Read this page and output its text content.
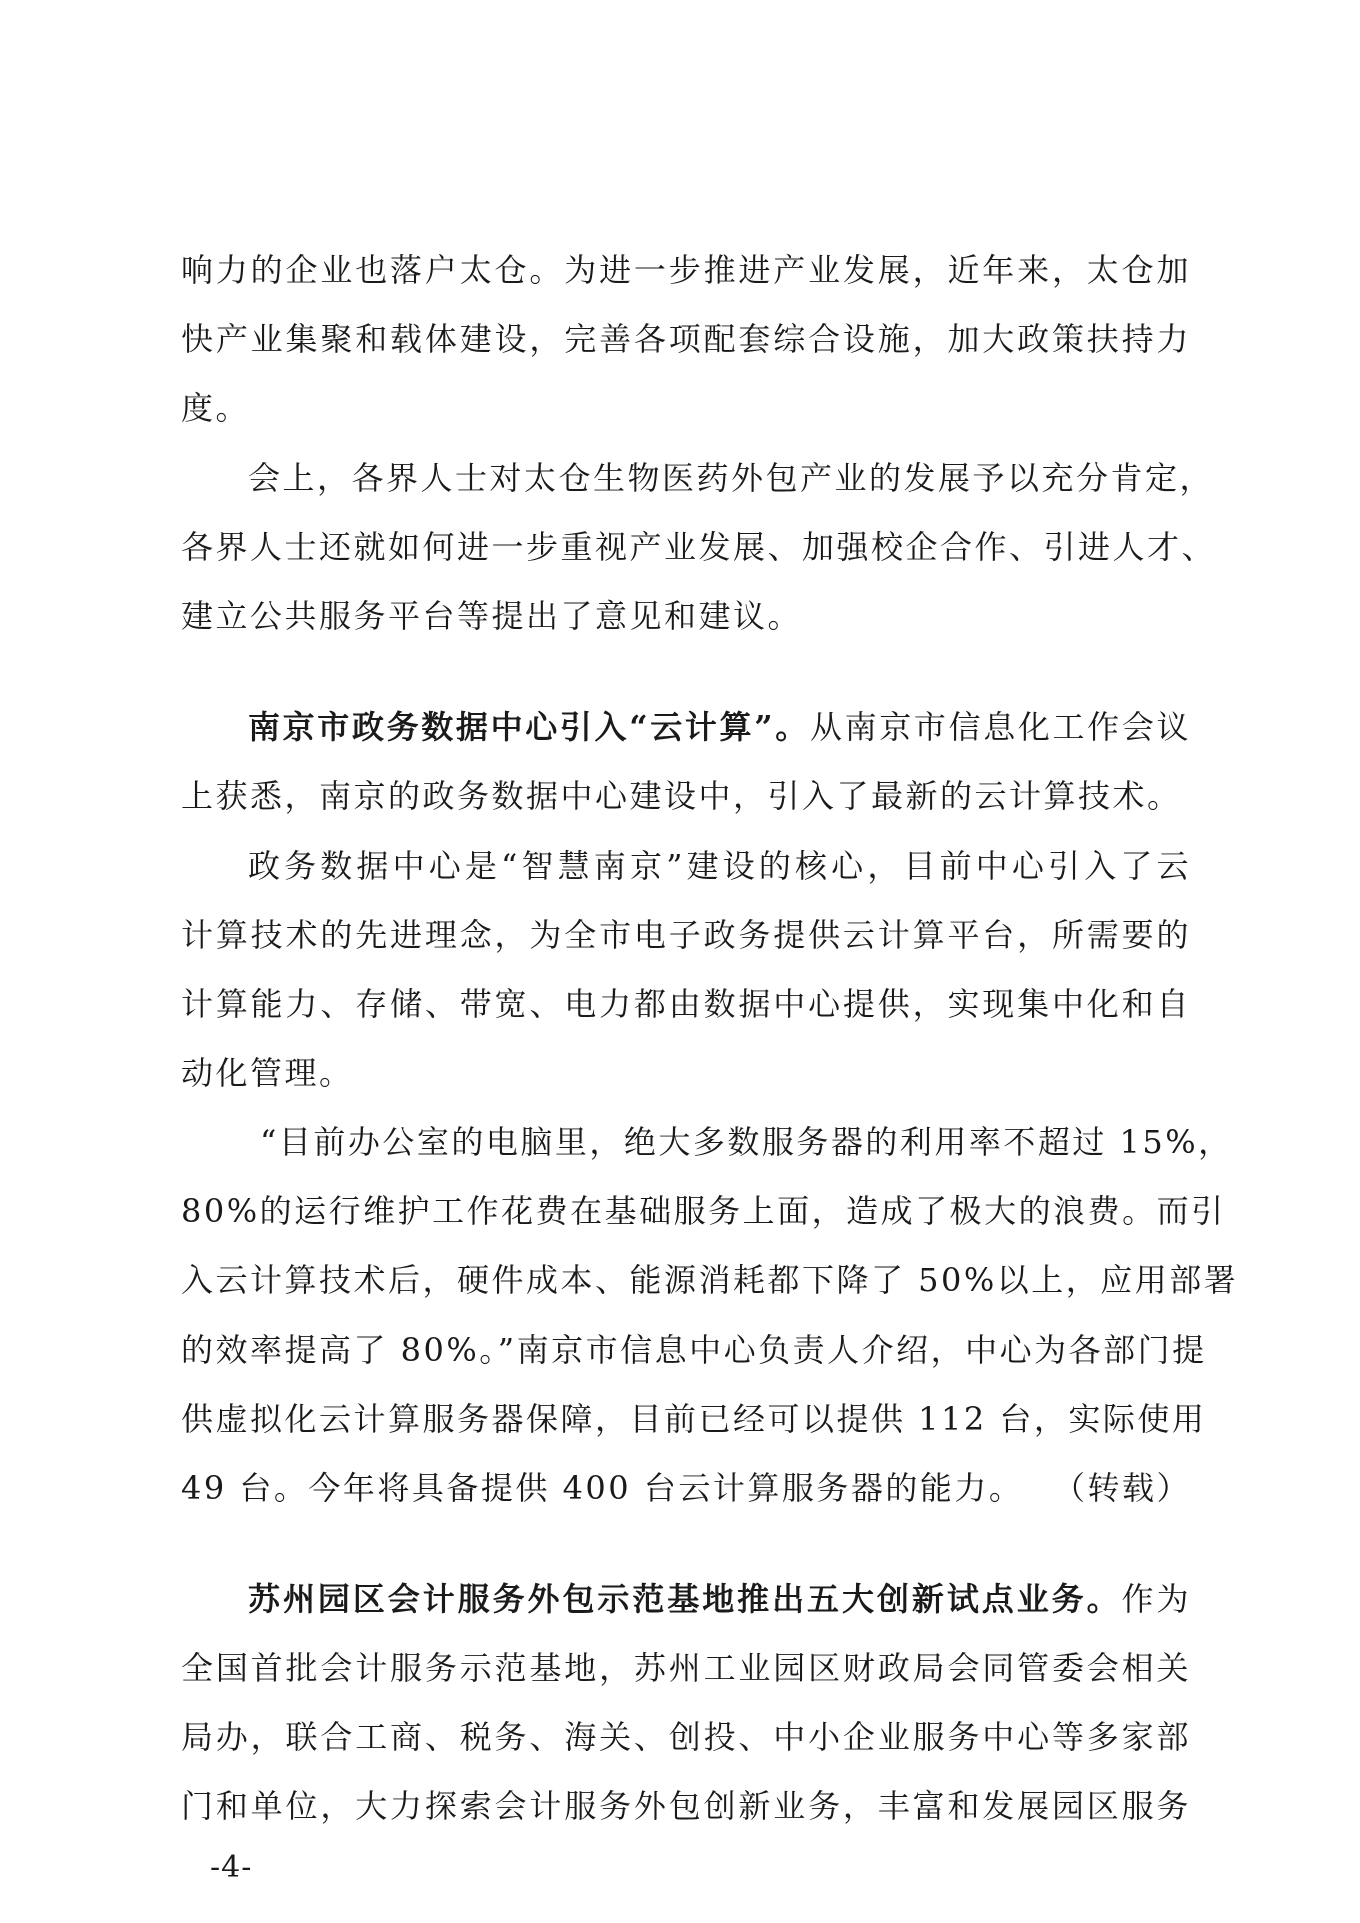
响力的企业也落户太仓。为进一步推进产业发展，近年来，太仓加
快产业集聚和载体建设，完善各项配套综合设施，加大政策扶持力
度。
会上，各界人士对太仓生物医药外包产业的发展予以充分肯定，
各界人士还就如何进一步重视产业发展、加强校企合作、引进人才、
建立公共服务平台等提出了意见和建议。
南京市政务数据中心引入“云计算”。从南京市信息化工作会议
上获悉，南京的政务数据中心建设中，引入了最新的云计算技术。
政务数据中心是“智慧南京”建设的核心，目前中心引入了云
计算技术的先进理念，为全市电子政务提供云计算平台，所需要的
计算能力、存储、带宽、电力都由数据中心提供，实现集中化和自
动化管理。
“目前办公室的电脑里，绝大多数服务器的利用率不超过 15%，
80%的运行维护工作花费在基础服务上面，造成了极大的浪费。而引
入云计算技术后，硬件成本、能源消耗都下降了 50%以上，应用部署
的效率提高了 80%。”南京市信息中心负责人介绍，中心为各部门提
供虚拟化云计算服务器保障，目前已经可以提供 112 台，实际使用
49 台。今年将具备提供 400 台云计算服务器的能力。 （转载）
苏州园区会计服务外包示范基地推出五大创新试点业务。作为
全国首批会计服务示范基地，苏州工业园区财政局会同管委会相关
局办，联合工商、税务、海关、创投、中小企业服务中心等多家部
门和单位，大力探索会计服务外包创新业务，丰富和发展园区服务
-4-
